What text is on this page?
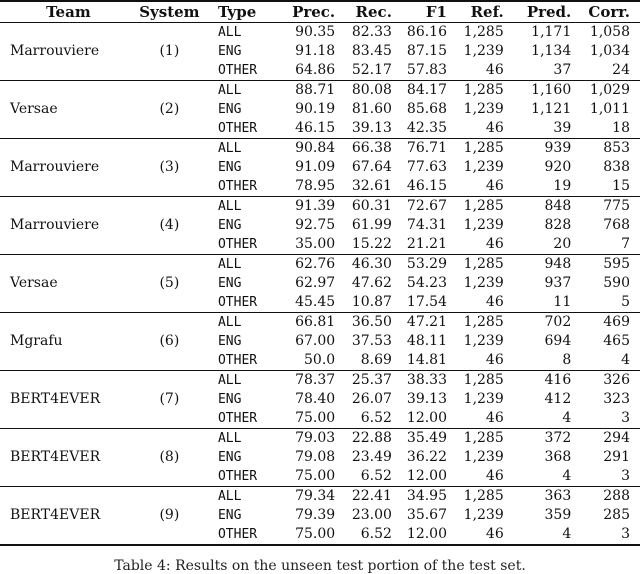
Team	System	Type	Prec.	Rec.	F1	Ref.	Pred.	Corr.
Marrouviere	(1)	ALL	90.35	82.33	86.16	1,285	1,171	1,058
		ENG	91.18	83.45	87.15	1,239	1,134	1,034
		OTHER	64.86	52.17	57.83	46	37	24
Versae	(2)	ALL	88.71	80.08	84.17	1,285	1,160	1,029
		ENG	90.19	81.60	85.68	1,239	1,121	1,011
		OTHER	46.15	39.13	42.35	46	39	18
Marrouviere	(3)	ALL	90.84	66.38	76.71	1,285	939	853
		ENG	91.09	67.64	77.63	1,239	920	838
		OTHER	78.95	32.61	46.15	46	19	15
Marrouviere	(4)	ALL	91.39	60.31	72.67	1,285	848	775
		ENG	92.75	61.99	74.31	1,239	828	768
		OTHER	35.00	15.22	21.21	46	20	7
Versae	(5)	ALL	62.76	46.30	53.29	1,285	948	595
		ENG	62.97	47.62	54.23	1,239	937	590
		OTHER	45.45	10.87	17.54	46	11	5
Mgrafu	(6)	ALL	66.81	36.50	47.21	1,285	702	469
		ENG	67.00	37.53	48.11	1,239	694	465
		OTHER	50.0	8.69	14.81	46	8	4
BERT4EVER	(7)	ALL	78.37	25.37	38.33	1,285	416	326
		ENG	78.40	26.07	39.13	1,239	412	323
		OTHER	75.00	6.52	12.00	46	4	3
BERT4EVER	(8)	ALL	79.03	22.88	35.49	1,285	372	294
		ENG	79.08	23.49	36.22	1,239	368	291
		OTHER	75.00	6.52	12.00	46	4	3
BERT4EVER	(9)	ALL	79.34	22.41	34.95	1,285	363	288
		ENG	79.39	23.00	35.67	1,239	359	285
		OTHER	75.00	6.52	12.00	46	4	3
Table 4: Results on the unseen test portion of the test set.
